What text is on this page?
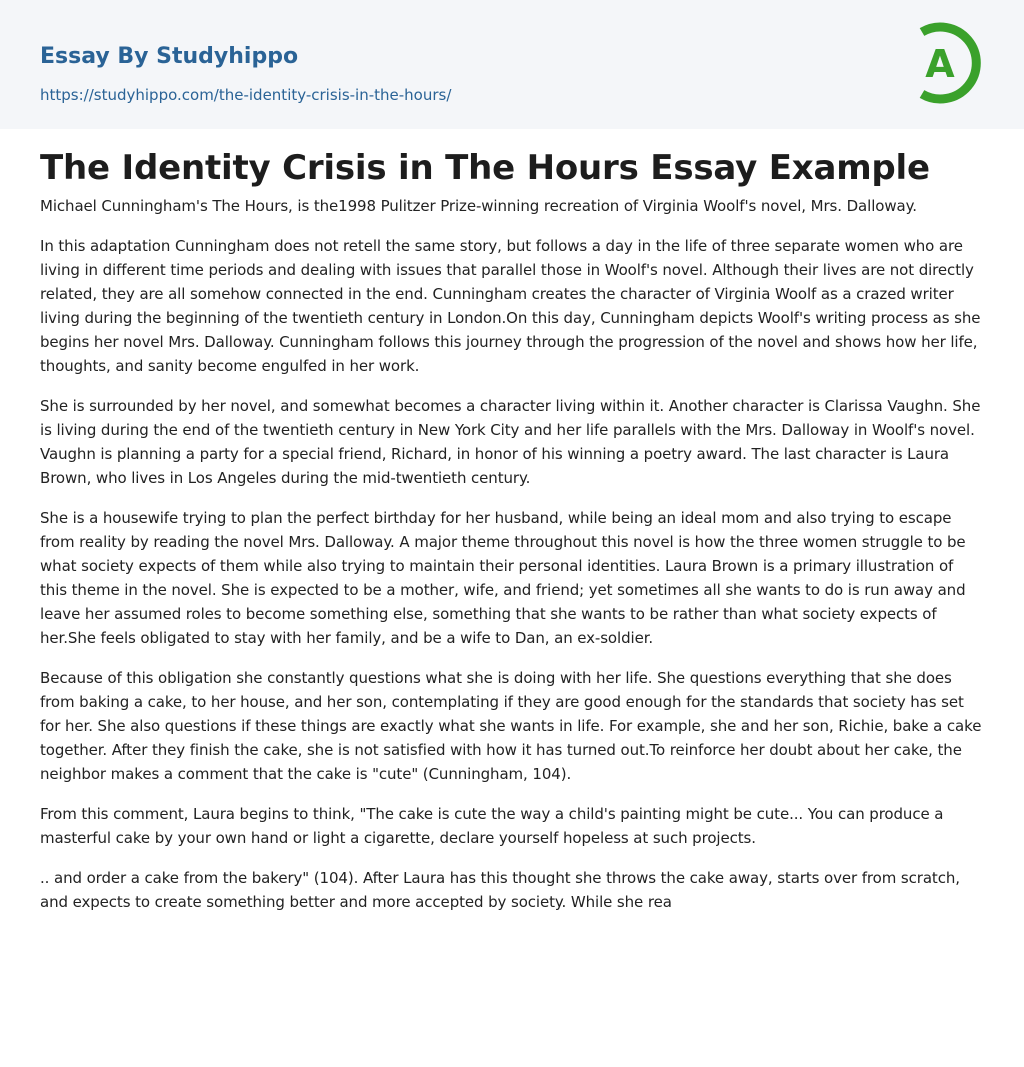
Essay By Studyhippo
https://studyhippo.com/the-identity-crisis-in-the-hours/
A
The Identity Crisis in The Hours Essay Example

Michael Cunningham's The Hours, is the1998 Pulitzer Prize-winning recreation of Virginia Woolf's novel, Mrs. Dalloway.

In this adaptation Cunningham does not retell the same story, but follows a day in the life of three separate women who are living in different time periods and dealing with issues that parallel those in Woolf's novel. Although their lives are not directly related, they are all somehow connected in the end. Cunningham creates the character of Virginia Woolf as a crazed writer living during the beginning of the twentieth century in London.On this day, Cunningham depicts Woolf's writing process as she begins her novel Mrs. Dalloway. Cunningham follows this journey through the progression of the novel and shows how her life, thoughts, and sanity become engulfed in her work.

She is surrounded by her novel, and somewhat becomes a character living within it. Another character is Clarissa Vaughn. She is living during the end of the twentieth century in New York City and her life parallels with the Mrs. Dalloway in Woolf's novel. Vaughn is planning a party for a special friend, Richard, in honor of his winning a poetry award. The last character is Laura Brown, who lives in Los Angeles during the mid-twentieth century.

She is a housewife trying to plan the perfect birthday for her husband, while being an ideal mom and also trying to escape from reality by reading the novel Mrs. Dalloway. A major theme throughout this novel is how the three women struggle to be what society expects of them while also trying to maintain their personal identities. Laura Brown is a primary illustration of this theme in the novel. She is expected to be a mother, wife, and friend; yet sometimes all she wants to do is run away and leave her assumed roles to become something else, something that she wants to be rather than what society expects of her.She feels obligated to stay with her family, and be a wife to Dan, an ex-soldier.

Because of this obligation she constantly questions what she is doing with her life. She questions everything that she does from baking a cake, to her house, and her son, contemplating if they are good enough for the standards that society has set for her. She also questions if these things are exactly what she wants in life. For example, she and her son, Richie, bake a cake together. After they finish the cake, she is not satisfied with how it has turned out.To reinforce her doubt about her cake, the neighbor makes a comment that the cake is "cute" (Cunningham, 104).

From this comment, Laura begins to think, "The cake is cute the way a child's painting might be cute... You can produce a masterful cake by your own hand or light a cigarette, declare yourself hopeless at such projects.

.. and order a cake from the bakery" (104). After Laura has this thought she throws the cake away, starts over from scratch, and expects to create something better and more accepted by society. While she rea
